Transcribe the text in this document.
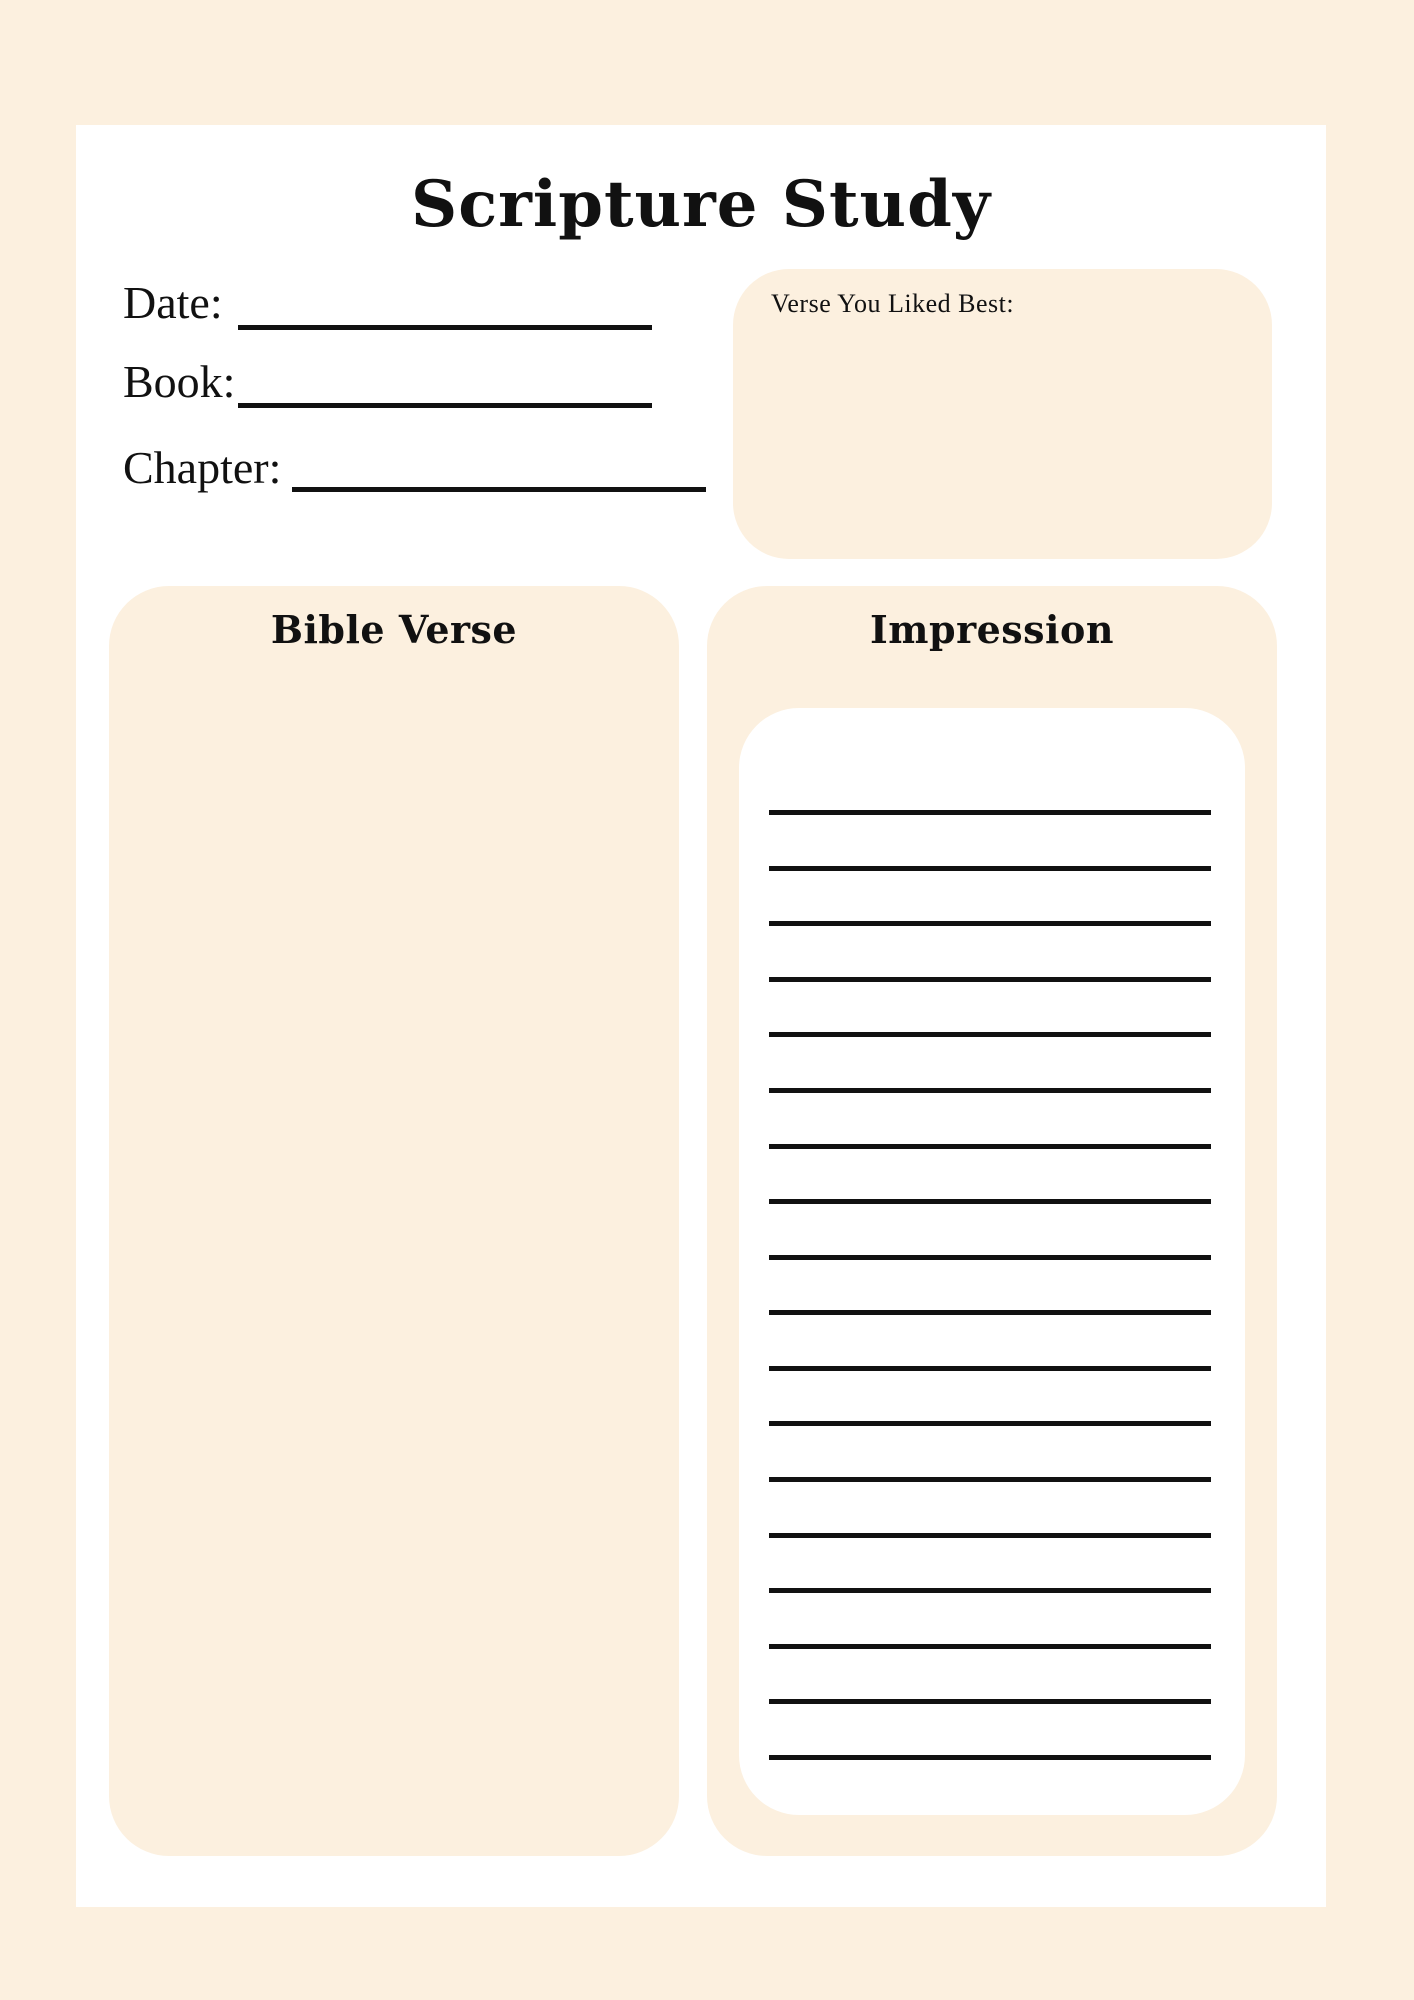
Scripture Study
Date:
Book:
Chapter:
Verse You Liked Best:
Bible Verse	Impression
